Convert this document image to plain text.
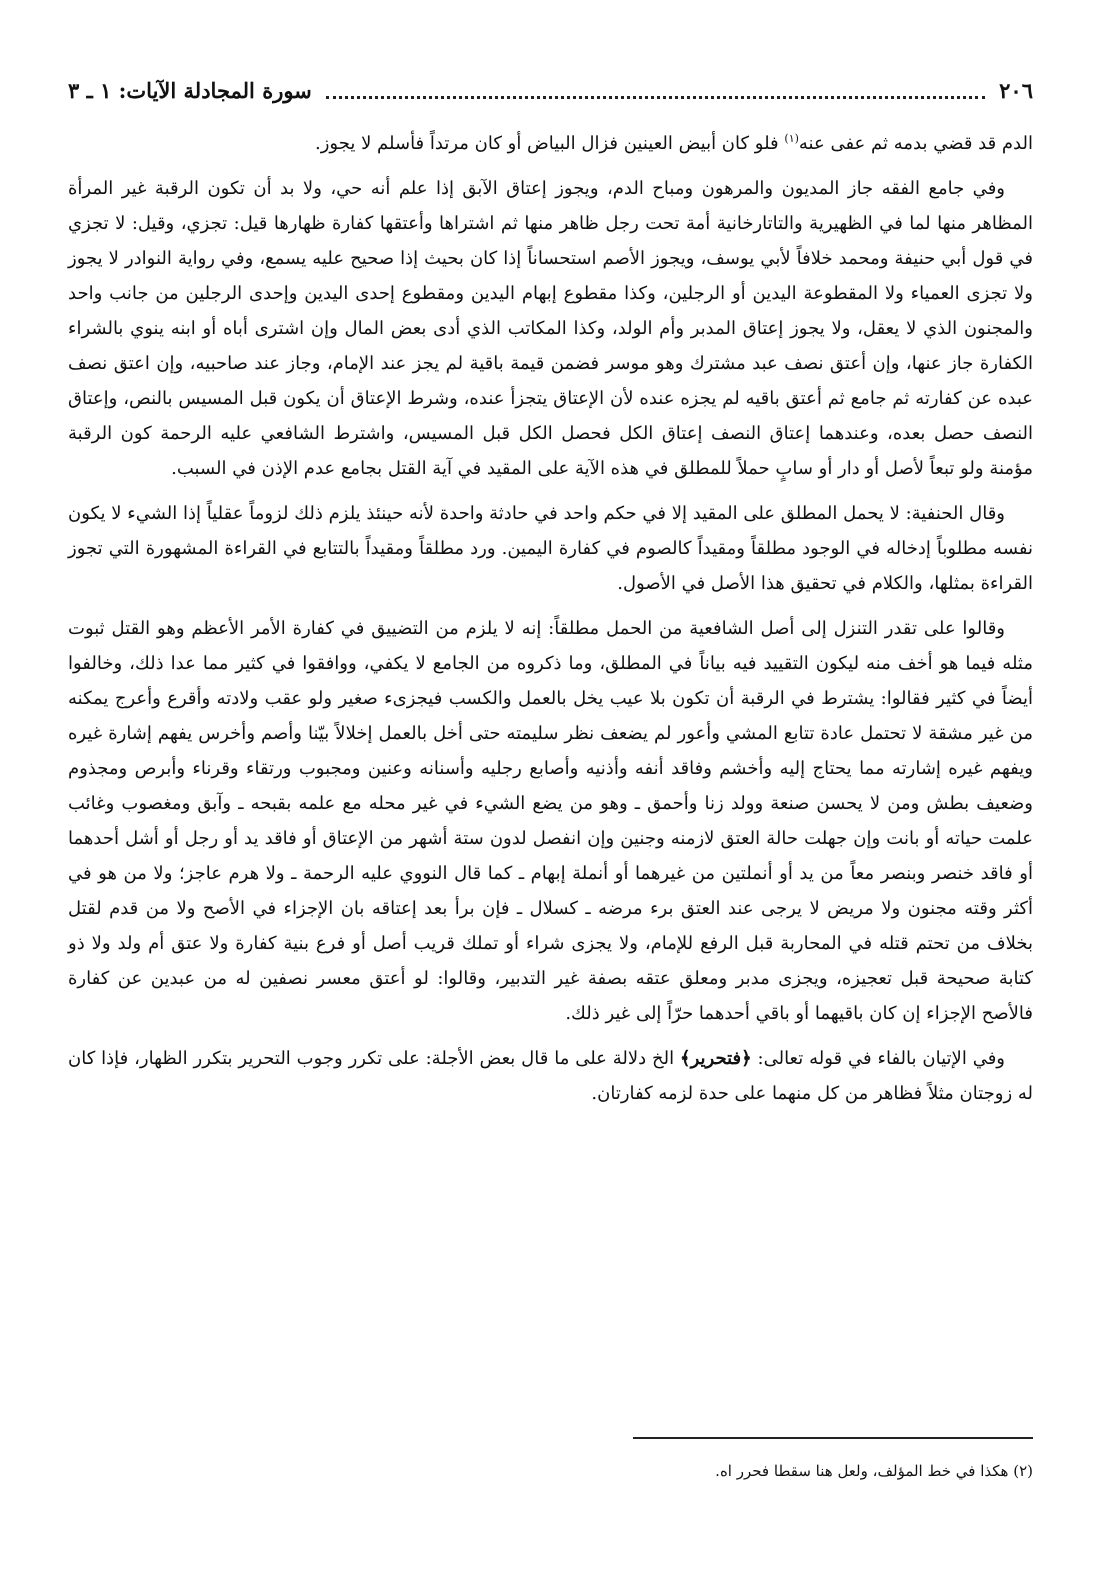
٢٠٦
سورة المجادلة الآيات: ١ ـ ٣

الدم قد قضي بدمه ثم عفى عنه$^{(١)}$ فلو كان أبيض العينين فزال البياض أو كان مرتداً فأسلم لا يجوز.

وفي جامع الفقه جاز المديون والمرهون ومباح الدم، ويجوز إعتاق الآبق إذا علم أنه حي، ولا بد أن تكون الرقبة غير المرأة المظاهر منها لما في الظهيرية والتاتارخانية أمة تحت رجل ظاهر منها ثم اشتراها وأعتقها كفارة ظهارها قيل: تجزي، وقيل: لا تجزي في قول أبي حنيفة ومحمد خلافاً لأبي يوسف، ويجوز الأصم استحساناً إذا كان بحيث إذا صحيح عليه يسمع، وفي رواية النوادر لا يجوز ولا تجزى العمياء ولا المقطوعة اليدين أو الرجلين، وكذا مقطوع إبهام اليدين ومقطوع إحدى اليدين وإحدى الرجلين من جانب واحد والمجنون الذي لا يعقل، ولا يجوز إعتاق المدبر وأم الولد، وكذا المكاتب الذي أدى بعض المال وإن اشترى أباه أو ابنه ينوي بالشراء الكفارة جاز عنها، وإن أعتق نصف عبد مشترك وهو موسر فضمن قيمة باقية لم يجز عند الإمام، وجاز عند صاحبيه، وإن اعتق نصف عبده عن كفارته ثم جامع ثم أعتق باقيه لم يجزه عنده لأن الإعتاق يتجزأ عنده، وشرط الإعتاق أن يكون قبل المسيس بالنص، وإعتاق النصف حصل بعده، وعندهما إعتاق النصف إعتاق الكل فحصل الكل قبل المسيس، واشترط الشافعي عليه الرحمة كون الرقبة مؤمنة ولو تبعاً لأصل أو دار أو سابٍ حملاً للمطلق في هذه الآية على المقيد في آية القتل بجامع عدم الإذن في السبب.

وقال الحنفية: لا يحمل المطلق على المقيد إلا في حكم واحد في حادثة واحدة لأنه حينئذ يلزم ذلك لزوماً عقلياً إذا الشيء لا يكون نفسه مطلوباً إدخاله في الوجود مطلقاً ومقيداً كالصوم في كفارة اليمين. ورد مطلقاً ومقيداً بالتتابع في القراءة المشهورة التي تجوز القراءة بمثلها، والكلام في تحقيق هذا الأصل في الأصول.

وقالوا على تقدر التنزل إلى أصل الشافعية من الحمل مطلقاً: إنه لا يلزم من التضييق في كفارة الأمر الأعظم وهو القتل ثبوت مثله فيما هو أخف منه ليكون التقييد فيه بياناً في المطلق، وما ذكروه من الجامع لا يكفي، ووافقوا في كثير مما عدا ذلك، وخالفوا أيضاً في كثير فقالوا: يشترط في الرقبة أن تكون بلا عيب يخل بالعمل والكسب فيجزىء صغير ولو عقب ولادته وأقرع وأعرج يمكنه من غير مشقة لا تحتمل عادة تتابع المشي وأعور لم يضعف نظر سليمته حتى أخل بالعمل إخلالاً بيّنا وأصم وأخرس يفهم إشارة غيره ويفهم غيره إشارته مما يحتاج إليه وأخشم وفاقد أنفه وأذنيه وأصابع رجليه وأسنانه وعنين ومجبوب ورتقاء وقرناء وأبرص ومجذوم وضعيف بطش ومن لا يحسن صنعة وولد زنا وأحمق ـ وهو من يضع الشيء في غير محله مع علمه بقبحه ـ وآبق ومغصوب وغائب علمت حياته أو بانت وإن جهلت حالة العتق لازمنه وجنين وإن انفصل لدون ستة أشهر من الإعتاق أو فاقد يد أو رجل أو أشل أحدهما أو فاقد خنصر وبنصر معاً من يد أو أنملتين من غيرهما أو أنملة إبهام ـ كما قال النووي عليه الرحمة ـ ولا هرم عاجز؛ ولا من هو في أكثر وقته مجنون ولا مريض لا يرجى عند العتق برء مرضه ـ كسلال ـ فإن برأ بعد إعتاقه بان الإجزاء في الأصح ولا من قدم لقتل بخلاف من تحتم قتله في المحاربة قبل الرفع للإمام، ولا يجزى شراء أو تملك قريب أصل أو فرع بنية كفارة ولا عتق أم ولد ولا ذو كتابة صحيحة قبل تعجيزه، ويجزى مدبر ومعلق عتقه بصفة غير التدبير، وقالوا: لو أعتق معسر نصفين له من عبدين عن كفارة فالأصح الإجزاء إن كان باقيهما أو باقي أحدهما حرّاً إلى غير ذلك.

وفي الإتيان بالفاء في قوله تعالى: ﴿فتحرير﴾ الخ دلالة على ما قال بعض الأجلة: على تكرر وجوب التحرير بتكرر الظهار، فإذا كان له زوجتان مثلاً فظاهر من كل منهما على حدة لزمه كفارتان.

(٢) هكذا في خط المؤلف، ولعل هنا سقطا فحرر اه.
